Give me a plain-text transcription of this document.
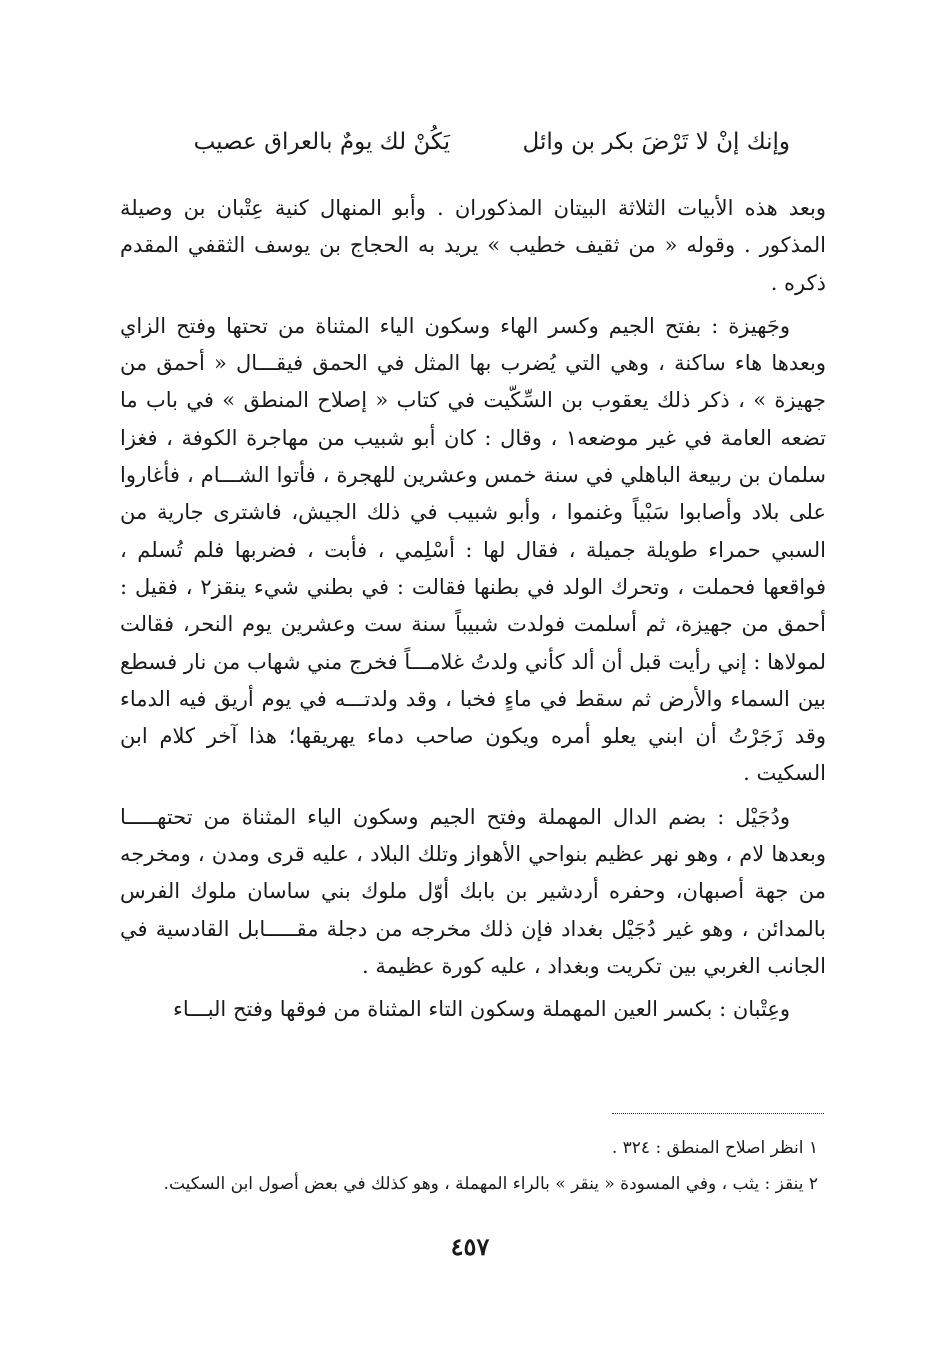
وإنك إنْ لا تَرْضَ بكر بن وائل
يَكُنْ لك يومٌ بالعراق عصيب

وبعد هذه الأبيات الثلاثة البيتان المذكوران . وأبو المنهال كنية عِتْبان بن وصيلة المذكور . وقوله « من ثقيف خطيب » يريد به الحجاج بن يوسف الثقفي المقدم ذكره .

وجَهيزة : بفتح الجيم وكسر الهاء وسكون الياء المثناة من تحتها وفتح الزاي وبعدها هاء ساكنة ، وهي التي يُضرب بها المثل في الحمق فيقـــال « أحمق من جهيزة » ، ذكر ذلك يعقوب بن السِّكّيت في كتاب « إصلاح المنطق » في باب ما تضعه العامة في غير موضعه١ ، وقال : كان أبو شبيب من مهاجرة الكوفة ، فغزا سلمان بن ربيعة الباهلي في سنة خمس وعشرين للهجرة ، فأتوا الشـــام ، فأغاروا على بلاد وأصابوا سَبْياً وغنموا ، وأبو شبيب في ذلك الجيش، فاشترى جارية من السبي حمراء طويلة جميلة ، فقال لها : أسْلِمي ، فأبت ، فضربها فلم تُسلم ، فواقعها فحملت ، وتحرك الولد في بطنها فقالت : في بطني شيء ينقز٢ ، فقيل : أحمق من جهيزة، ثم أسلمت فولدت شبيباً سنة ست وعشرين يوم النحر، فقالت لمولاها : إني رأيت قبل أن ألد كأني ولدتُ غلامـــاً فخرج مني شهاب من نار فسطع بين السماء والأرض ثم سقط في ماءٍ فخبا ، وقد ولدتـــه في يوم أريق فيه الدماء وقد زَجَرْتُ أن ابني يعلو أمره ويكون صاحب دماء يهريقها؛ هذا آخر كلام ابن السكيت .

ودُجَيْل : بضم الدال المهملة وفتح الجيم وسكون الياء المثناة من تحتهـــــا وبعدها لام ، وهو نهر عظيم بنواحي الأهواز وتلك البلاد ، عليه قرى ومدن ، ومخرجه من جهة أصبهان، وحفره أردشير بن بابك أوّل ملوك بني ساسان ملوك الفرس بالمدائن ، وهو غير دُجَيْل بغداد فإن ذلك مخرجه من دجلة مقـــــابل القادسية في الجانب الغربي بين تكريت وبغداد ، عليه كورة عظيمة .

وعِتْبان : بكسر العين المهملة وسكون التاء المثناة من فوقها وفتح البـــاء

١ انظر اصلاح المنطق : ٣٢٤ .
٢ ينقز : يثب ، وفي المسودة « ينقر » بالراء المهملة ، وهو كذلك في بعض أصول ابن السكيت.
٤٥٧
